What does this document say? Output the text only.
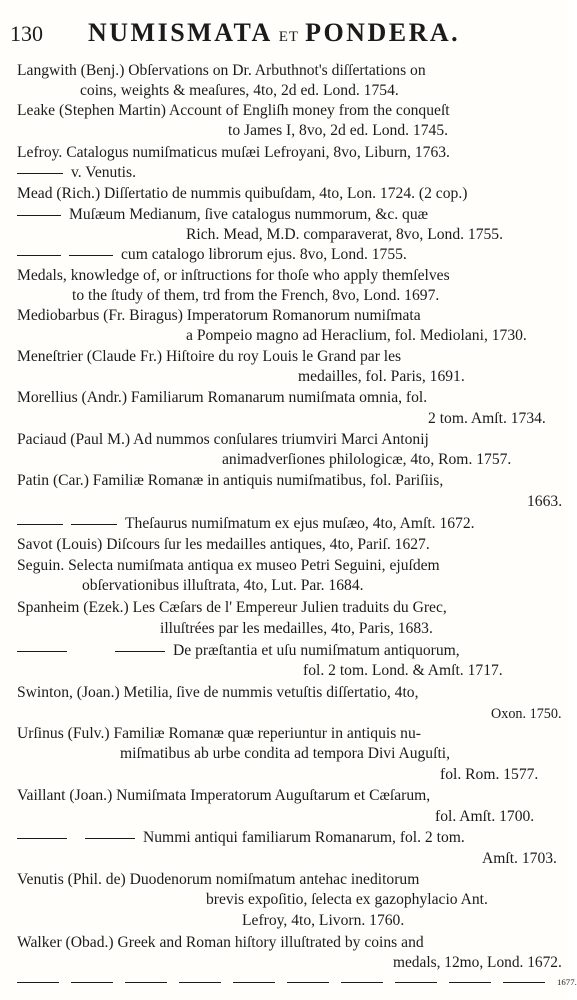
130 NUMISMATA ET PONDERA.
Langwith (Benj.) Obſervations on Dr. Arbuthnot's diſſertations on
coins, weights & meaſures, 4to, 2d ed. Lond. 1754.
Leake (Stephen Martin) Account of Engliſh money from the conqueſt
to James I, 8vo, 2d ed. Lond. 1745.
Lefroy. Catalogus numiſmaticus muſæi Lefroyani, 8vo, Liburn, 1763.
v. Venutis.
Mead (Rich.) Diſſertatio de nummis quibuſdam, 4to, Lon. 1724. (2 cop.)
Muſæum Medianum, ſive catalogus nummorum, &c. quæ
Rich. Mead, M.D. comparaverat, 8vo, Lond. 1755.
cum catalogo librorum ejus. 8vo, Lond. 1755.
Medals, knowledge of, or inſtructions for thoſe who apply themſelves
to the ſtudy of them, trd from the French, 8vo, Lond. 1697.
Mediobarbus (Fr. Biragus) Imperatorum Romanorum numiſmata
a Pompeio magno ad Heraclium, fol. Mediolani, 1730.
Meneſtrier (Claude Fr.) Hiſtoire du roy Louis le Grand par les
medailles, fol. Paris, 1691.
Morellius (Andr.) Familiarum Romanarum numiſmata omnia, fol.
2 tom. Amſt. 1734.
Paciaud (Paul M.) Ad nummos conſulares triumviri Marci Antonij
animadverſiones philologicæ, 4to, Rom. 1757.
Patin (Car.) Familiæ Romanæ in antiquis numiſmatibus, fol. Pariſiis,
1663.
Theſaurus numiſmatum ex ejus muſæo, 4to, Amſt. 1672.
Savot (Louis) Diſcours ſur les medailles antiques, 4to, Pariſ. 1627.
Seguin. Selecta numiſmata antiqua ex museo Petri Seguini, ejuſdem
obſervationibus illuſtrata, 4to, Lut. Par. 1684.
Spanheim (Ezek.) Les Cæſars de l' Empereur Julien traduits du Grec,
illuſtrées par les medailles, 4to, Paris, 1683.
De præſtantia et uſu numiſmatum antiquorum,
fol. 2 tom. Lond. & Amſt. 1717.
Swinton, (Joan.) Metilia, ſive de nummis vetuſtis diſſertatio, 4to,
Oxon. 1750.
Urſinus (Fulv.) Familiæ Romanæ quæ reperiuntur in antiquis nu-
miſmatibus ab urbe condita ad tempora Divi Auguſti,
fol. Rom. 1577.
Vaillant (Joan.) Numiſmata Imperatorum Auguſtarum et Cæſarum,
fol. Amſt. 1700.
Nummi antiqui familiarum Romanarum, fol. 2 tom.
Amſt. 1703.
Venutis (Phil. de) Duodenorum nomiſmatum antehac ineditorum
brevis expoſitio, ſelecta ex gazophylacio Ant.
Lefroy, 4to, Livorn. 1760.
Walker (Obad.) Greek and Roman hiſtory illuſtrated by coins and
medals, 12mo, Lond. 1672.
1677.
